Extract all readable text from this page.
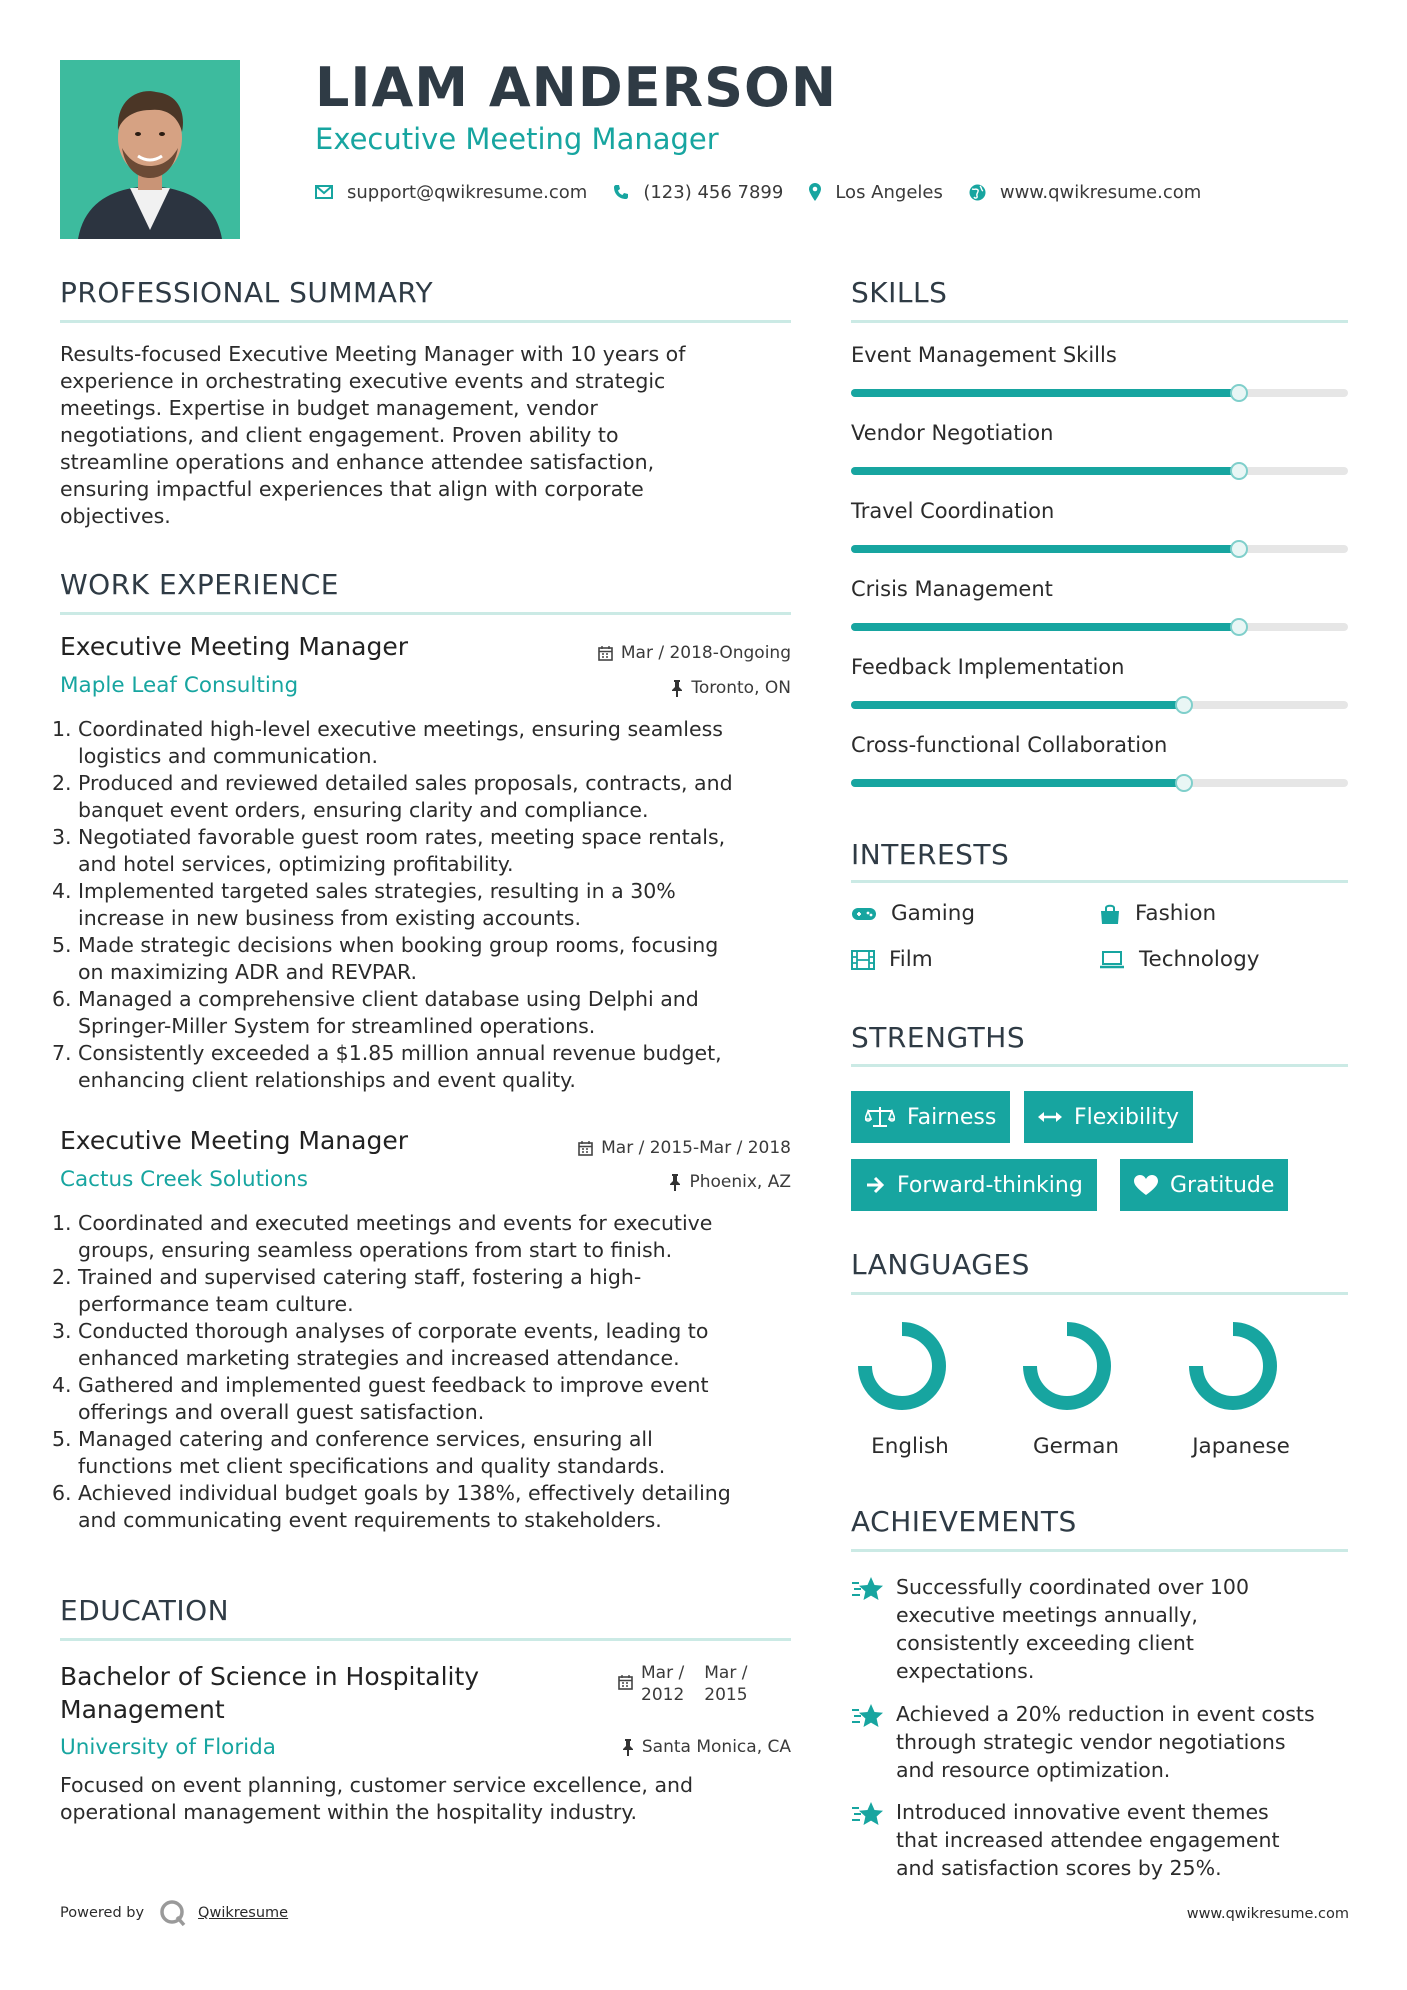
LIAM ANDERSON
Executive Meeting Manager
support@qwikresume.com	(123) 456 7899	Los Angeles	www.qwikresume.com
PROFESSIONAL SUMMARY
Results-focused Executive Meeting Manager with 10 years of
experience in orchestrating executive events and strategic
meetings. Expertise in budget management, vendor
negotiations, and client engagement. Proven ability to
streamline operations and enhance attendee satisfaction,
ensuring impactful experiences that align with corporate
objectives.
WORK EXPERIENCE
Executive Meeting Manager	Mar / 2018-Ongoing
Maple Leaf Consulting	Toronto, ON
1. Coordinated high-level executive meetings, ensuring seamless
logistics and communication.
2. Produced and reviewed detailed sales proposals, contracts, and
banquet event orders, ensuring clarity and compliance.
3. Negotiated favorable guest room rates, meeting space rentals,
and hotel services, optimizing profitability.
4. Implemented targeted sales strategies, resulting in a 30%
increase in new business from existing accounts.
5. Made strategic decisions when booking group rooms, focusing
on maximizing ADR and REVPAR.
6. Managed a comprehensive client database using Delphi and
Springer-Miller System for streamlined operations.
7. Consistently exceeded a $1.85 million annual revenue budget,
enhancing client relationships and event quality.
Executive Meeting Manager	Mar / 2015-Mar / 2018
Cactus Creek Solutions	Phoenix, AZ
1. Coordinated and executed meetings and events for executive
groups, ensuring seamless operations from start to finish.
2. Trained and supervised catering staff, fostering a high-
performance team culture.
3. Conducted thorough analyses of corporate events, leading to
enhanced marketing strategies and increased attendance.
4. Gathered and implemented guest feedback to improve event
offerings and overall guest satisfaction.
5. Managed catering and conference services, ensuring all
functions met client specifications and quality standards.
6. Achieved individual budget goals by 138%, effectively detailing
and communicating event requirements to stakeholders.
EDUCATION
Bachelor of Science in Hospitality
Management
Mar /
2012
Mar /
2015
University of Florida	Santa Monica, CA
Focused on event planning, customer service excellence, and
operational management within the hospitality industry.
SKILLS
Event Management Skills
Vendor Negotiation
Travel Coordination
Crisis Management
Feedback Implementation
Cross-functional Collaboration
INTERESTS
Gaming	Fashion
Film	Technology
STRENGTHS
Fairness	Flexibility
Forward-thinking	Gratitude
LANGUAGES
English	German	Japanese
ACHIEVEMENTS
Successfully coordinated over 100
executive meetings annually,
consistently exceeding client
expectations.
Achieved a 20% reduction in event costs
through strategic vendor negotiations
and resource optimization.
Introduced innovative event themes
that increased attendee engagement
and satisfaction scores by 25%.
Powered by	Qwikresume	www.qwikresume.com
